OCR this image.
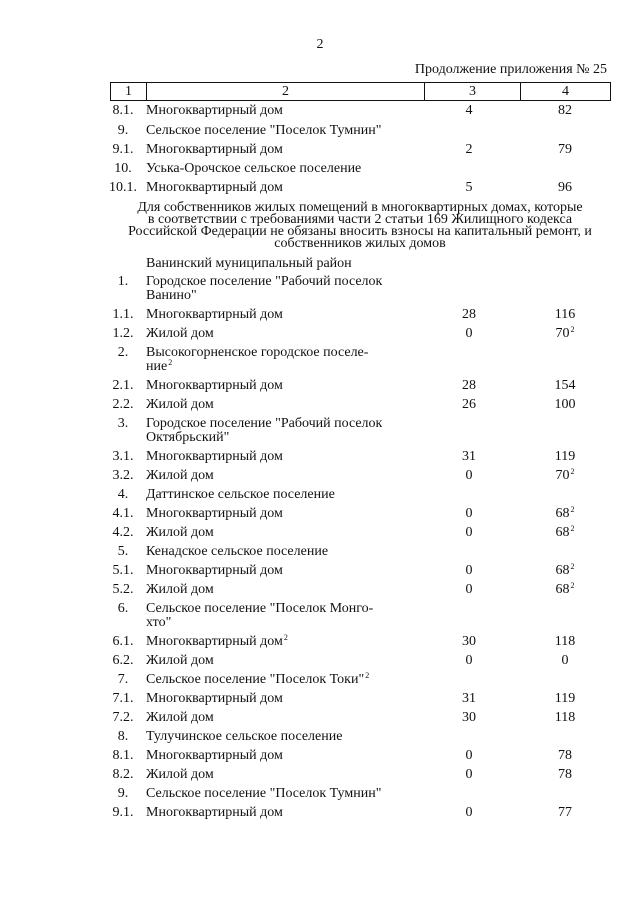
2
Продолжение приложения № 25
1	2	3	4
8.1. Многоквартирный дом	4	82
9.	Сельское поселение "Поселок Тумнин"
9.1. Многоквартирный дом	2	79
10.	Уська-Орочское сельское поселение
10.1. Многоквартирный дом	5	96
Для собственников жилых помещений в многоквартирных домах, которые
в соответствии с требованиями части 2 статьи 169 Жилищного кодекса
Российской Федерации не обязаны вносить взносы на капитальный ремонт, и
собственников жилых домов
Ванинский муниципальный район
1.	Городское поселение "Рабочий поселок
Ванино"
1.1. Многоквартирный дом	28	116
1.2. Жилой дом	0	$70^2$
2.	Высокогорненское городское поселе-
ние$^2$
2.1. Многоквартирный дом	28	154
2.2. Жилой дом	26	100
3.	Городское поселение "Рабочий поселок
Октябрьский"
3.1. Многоквартирный дом	31	119
3.2. Жилой дом	0	$70^2$
4.	Даттинское сельское поселение
4.1. Многоквартирный дом	0	$68^2$
4.2. Жилой дом	0	$68^2$
5.	Кенадское сельское поселение
5.1. Многоквартирный дом	0	$68^2$
5.2. Жилой дом	0	$68^2$
6.	Сельское поселение "Поселок Монго-
хто"
6.1. Многоквартирный дом$^2$	30	118
6.2. Жилой дом	0	0
7.	Сельское поселение "Поселок Токи"$^2$
7.1. Многоквартирный дом	31	119
7.2. Жилой дом	30	118
8.	Тулучинское сельское поселение
8.1. Многоквартирный дом	0	78
8.2. Жилой дом	0	78
9.	Сельское поселение "Поселок Тумнин"
9.1. Многоквартирный дом	0	77
